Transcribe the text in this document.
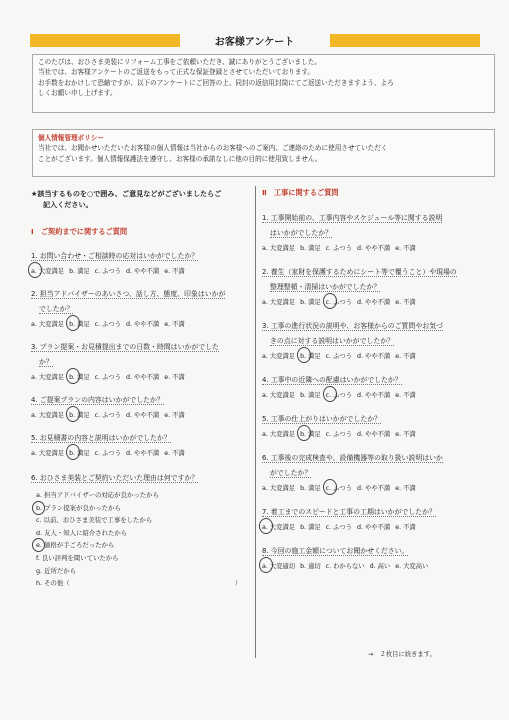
お客様アンケート

このたびは、おひさま美装にリフォーム工事をご依頼いただき、誠にありがとうございました。

当社では、お客様アンケートのご返送をもって正式な保証登録とさせていただいております。

お手数をおかけして恐縮ですが、以下のアンケートにご回答の上、同封の返信用封筒にてご返送いただきますよう、よろ

しくお願い申し上げます。

個人情報管理ポリシー

当社では、お聞かせいただいたお客様の個人情報は当社からのお客様へのご案内、ご連絡のために使用させていただく

ことがございます。個人情報保護法を遵守し、お客様の承諾なしに他の目的に使用致しません。

★該当するものを○で囲み、ご意見などがございましたらご
記入ください。
Ⅰ　ご契約までに関するご質問
1. お問い合わせ・ご相談時の応対はいかがでしたか？
a. 大変満足 b. 満足 c. ふつう d. やや不満 e. 不満
2. 担当アドバイザーのあいさつ、話し方、態度、印象はいかが
でしたか？
a. 大変満足 b. 満足 c. ふつう d. やや不満 e. 不満
3. プラン提案・お見積提出までの日数・時間はいかがでした
か？
a. 大変満足 b. 満足 c. ふつう d. やや不満 e. 不満
4. ご提案プランの内容はいかがでしたか？
a. 大変満足 b. 満足 c. ふつう d. やや不満 e. 不満
5. お見積書の内容と説明はいかがでしたか？
a. 大変満足 b. 満足 c. ふつう d. やや不満 e. 不満
6. おひさま美装とご契約いただいた理由は何ですか？
a. 担当アドバイザーの対応が良かったから
b. プラン提案が良かったから
c. 以前、おひさま美装で工事をしたから
d. 友人・知人に紹介されたから
e. 価格が手ごろだったから
f. 良い評判を聞いていたから
g. 近所だから
h. その他（	）
Ⅱ　工事に関するご質問
1. 工事開始前の、工事内容やスケジュール等に関する説明
はいかがでしたか？
a. 大変満足 b. 満足 c. ふつう d. やや不満 e. 不満
2. 養生（家財を保護するためにシート等で覆うこと）や現場の
整理整頓・清掃はいかがでしたか？
a. 大変満足 b. 満足 c. ふつう d. やや不満 e. 不満
3. 工事の進行状況の説明や、お客様からのご質問やお気づ
きの点に対する説明はいかがでしたか？
a. 大変満足 b. 満足 c. ふつう d. やや不満 e. 不満
4. 工事中の近隣への配慮はいかがでしたか？
a. 大変満足 b. 満足 c. ふつう d. やや不満 e. 不満
5. 工事の仕上がりはいかがでしたか？
a. 大変満足 b. 満足 c. ふつう d. やや不満 e. 不満
6. 工事後の完成検査や、設備機器等の取り扱い説明はいか
がでしたか？
a. 大変満足 b. 満足 c. ふつう d. やや不満 e. 不満
7. 着工までのスピードと工事の工期はいかがでしたか？
a. 大変満足 b. 満足 c. ふつう d. やや不満 e. 不満
8. 今回の施工金額についてお聞かせください。
a. 大変適切 b. 適切 c. わからない d. 高い e. 大変高い
→　２枚目に続きます。
